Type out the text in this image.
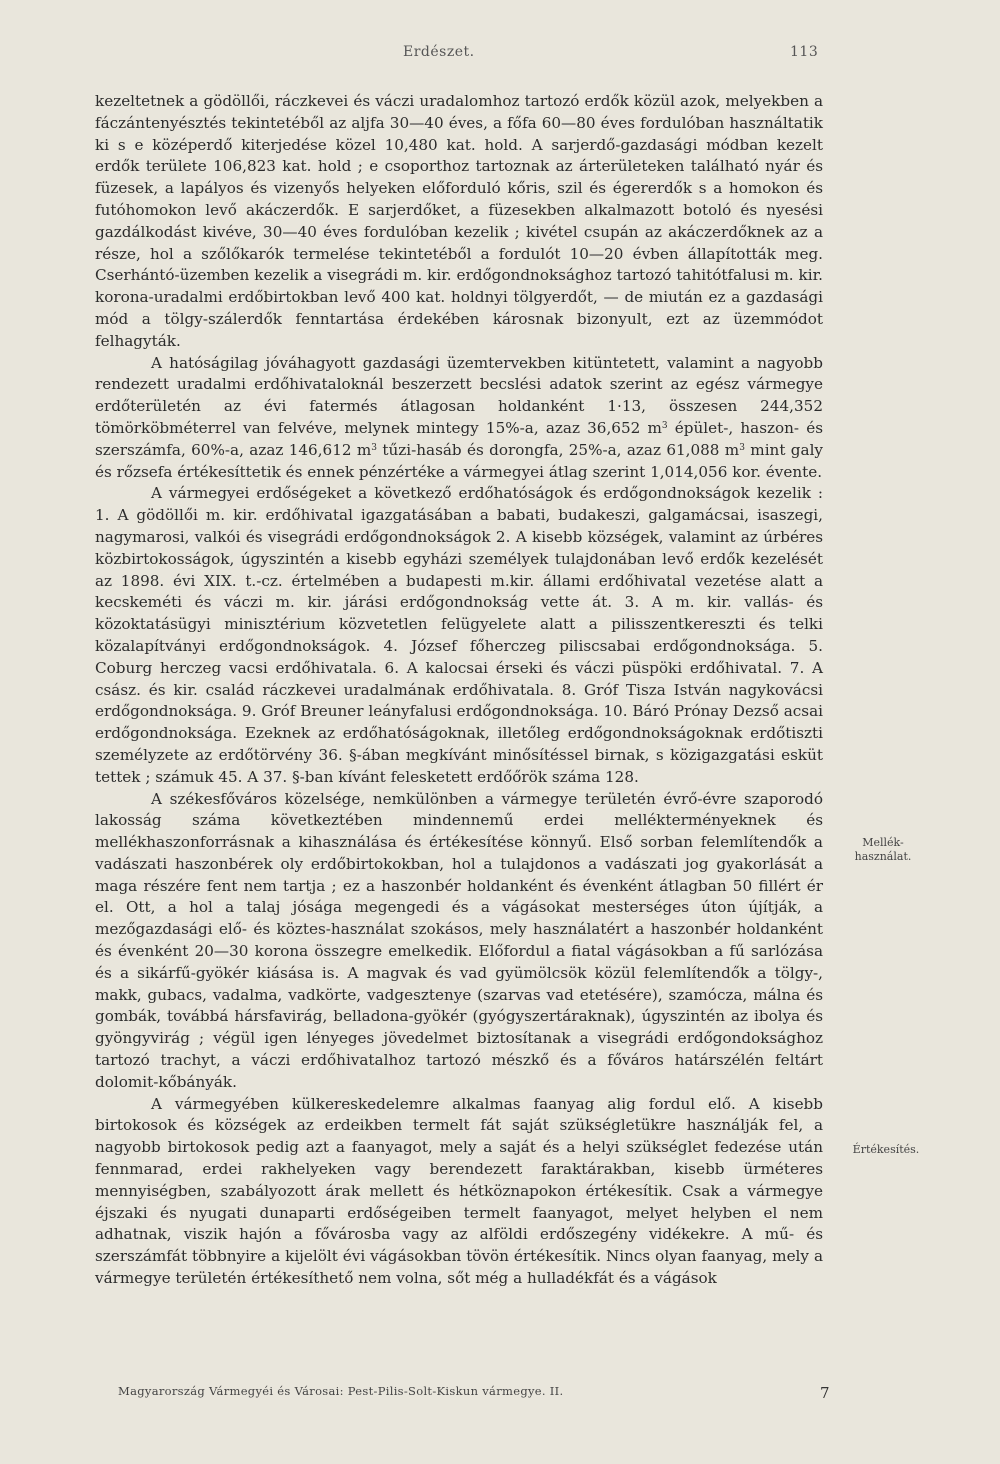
Erdészet.	113

kezeltetnek a gödöllői, ráczkevei és váczi uradalomhoz tartozó erdők közül azok, melyekben a fáczántenyésztés tekintetéből az aljfa 30—40 éves, a főfa 60—80 éves fordulóban használtatik ki s e középerdő kiterjedése közel 10,480 kat. hold. A sarjerdő-gazdasági módban kezelt erdők területe 106,823 kat. hold ; e csoporthoz tartoznak az árterületeken található nyár és füzesek, a lapályos és vizenyős helyeken előforduló kőris, szil és égererdők s a homokon és futóhomokon levő akáczerdők. E sarjerdőket, a füzesekben alkalmazott botoló és nyesési gazdálkodást kivéve, 30—40 éves fordulóban kezelik ; kivétel csupán az akáczerdőknek az a része, hol a szőlőkarók termelése tekintetéből a fordulót 10—20 évben állapították meg. Cserhántó-üzemben kezelik a visegrádi m. kir. erdőgondnoksághoz tartozó tahitótfalusi m. kir. korona-uradalmi erdőbirtokban levő 400 kat. holdnyi tölgyerdőt, — de miután ez a gazdasági mód a tölgy-szálerdők fenntartása érdekében károsnak bizonyult, ezt az üzemmódot felhagyták.

A hatóságilag jóváhagyott gazdasági üzemtervekben kitüntetett, valamint a nagyobb rendezett uradalmi erdőhivataloknál beszerzett becslési adatok szerint az egész vármegye erdőterületén az évi fatermés átlagosan holdanként 1·13, összesen 244,352 tömörköbméterrel van felvéve, melynek mintegy 15%-a, azaz 36,652 $m^3$ épület-, haszon- és szerszámfa, 60%-a, azaz 146,612 $m^3$ tűzi-hasáb és dorongfa, 25%-a, azaz 61,088 $m^3$ mint galy és rőzsefa értékesíttetik és ennek pénzértéke a vármegyei átlag szerint 1,014,056 kor. évente.

A vármegyei erdőségeket a következő erdőhatóságok és erdőgondnokságok kezelik : 1. A gödöllői m. kir. erdőhivatal igazgatásában a babati, budakeszi, galgamácsai, isaszegi, nagymarosi, valkói és visegrádi erdőgondnokságok 2. A kisebb községek, valamint az úrbéres közbirtokosságok, úgyszintén a kisebb egyházi személyek tulajdonában levő erdők kezelését az 1898. évi XIX. t.-cz. értelmében a budapesti m.kir. állami erdőhivatal vezetése alatt a kecskeméti és váczi m. kir. járási erdőgondnokság vette át. 3. A m. kir. vallás- és közoktatásügyi minisztérium közvetetlen felügyelete alatt a pilisszentkereszti és telki közalapítványi erdőgondnokságok. 4. József főherczeg piliscsabai erdőgondnoksága. 5. Coburg herczeg vacsi erdőhivatala. 6. A kalocsai érseki és váczi püspöki erdőhivatal. 7. A csász. és kir. család ráczkevei uradalmának erdőhivatala. 8. Gróf Tisza István nagykovácsi erdőgondnoksága. 9. Gróf Breuner leányfalusi erdőgondnoksága. 10. Báró Prónay Dezső acsai erdőgondnoksága. Ezeknek az erdőhatóságoknak, illetőleg erdőgondnokságoknak erdőtiszti személyzete az erdőtörvény 36. §-ában megkívánt minősítéssel birnak, s közigazgatási esküt tettek ; számuk 45. A 37. §-ban kívánt felesketett erdőőrök száma 128.

A székesfőváros közelsége, nemkülönben a vármegye területén évrő-évre szaporodó lakosság száma következtében mindennemű erdei mellékterményeknek és mellékhaszonforrásnak a kihasználása és értékesítése könnyű. Első sorban felemlítendők a vadászati haszonbérek oly erdőbirtokokban, hol a tulajdonos a vadászati jog gyakorlását a maga részére fent nem tartja ; ez a haszonbér holdanként és évenként átlagban 50 fillért ér el. Ott, a hol a talaj jósága megengedi és a vágásokat mesterséges úton újítják, a mezőgazdasági elő- és köztes-használat szokásos, mely használatért a haszonbér holdanként és évenként 20—30 korona összegre emelkedik. Előfordul a fiatal vágásokban a fű sarlózása és a sikárfű-gyökér kiásása is. A magvak és vad gyümölcsök közül felemlítendők a tölgy-, makk, gubacs, vadalma, vadkörte, vadgesztenye (szarvas vad etetésére), szamócza, málna és gombák, továbbá hársfavirág, belladona-gyökér (gyógyszertáraknak), úgyszintén az ibolya és gyöngyvirág ; végül igen lényeges jövedelmet biztosítanak a visegrádi erdőgondoksághoz tartozó trachyt, a váczi erdőhivatalhoz tartozó mészkő és a főváros határszélén feltárt dolomit-kőbányák.

A vármegyében külkereskedelemre alkalmas faanyag alig fordul elő. A kisebb birtokosok és községek az erdeikben termelt fát saját szükségletükre használják fel, a nagyobb birtokosok pedig azt a faanyagot, mely a saját és a helyi szükséglet fedezése után fennmarad, erdei rakhelyeken vagy berendezett faraktárakban, kisebb ürméteres mennyiségben, szabályozott árak mellett és hétköznapokon értékesítik. Csak a vármegye éjszaki és nyugati dunaparti erdőségeiben termelt faanyagot, melyet helyben el nem adhatnak, viszik hajón a fővárosba vagy az alföldi erdőszegény vidékekre. A mű- és szerszámfát többnyire a kijelölt évi vágásokban tövön értékesítik. Nincs olyan faanyag, mely a vármegye területén értékesíthető nem volna, sőt még a hulladékfát és a vágások

Mellék-
használat.
Értékesítés.
Magyarország Vármegyéi és Városai: Pest-Pilis-Solt-Kiskun vármegye. II.	7
